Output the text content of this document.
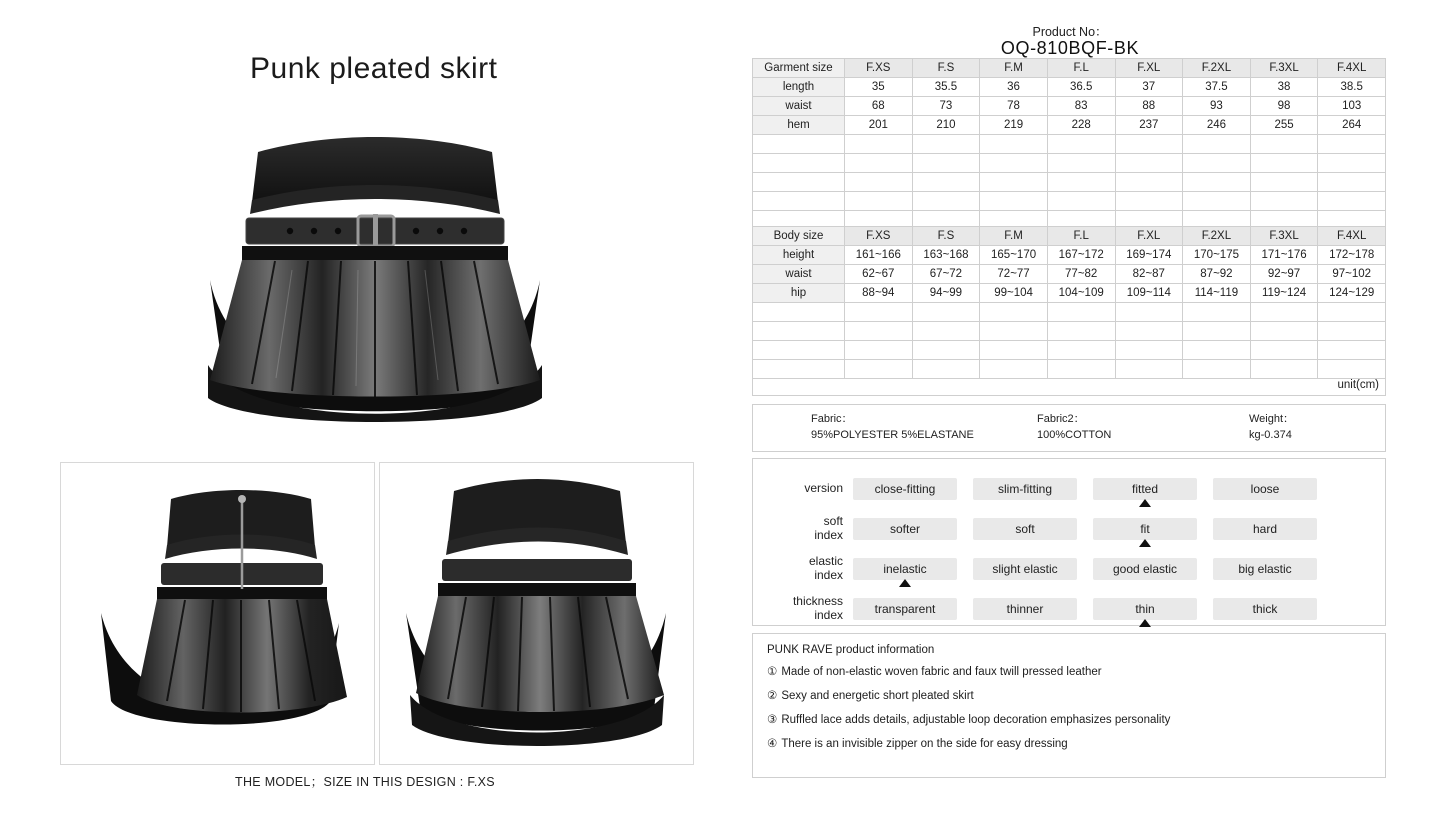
Punk pleated skirt
THE MODEL；SIZE IN THIS DESIGN : F.XS
Product No：
OQ-810BQF-BK
Garment size	F.XS	F.S	F.M	F.L	F.XL	F.2XL	F.3XL	F.4XL
length	35	35.5	36	36.5	37	37.5	38	38.5
waist	68	73	78	83	88	93	98	103
hem	201	210	219	228	237	246	255	264

Body size	F.XS	F.S	F.M	F.L	F.XL	F.2XL	F.3XL	F.4XL
height	161~166	163~168	165~170	167~172	169~174	170~175	171~176	172~178
waist	62~67	67~72	72~77	77~82	82~87	87~92	92~97	97~102
hip	88~94	94~99	99~104	104~109	109~114	114~119	119~124	124~129

unit(cm)
Fabric：
95%POLYESTER 5%ELASTANE
Fabric2：
100%COTTON
Weight：
kg-0.374
version	close-fitting	slim-fitting	fitted	loose
soft
index	softer	soft	fit	hard
elastic
index	inelastic	slight elastic	good elastic	big elastic
thickness
index	transparent	thinner	thin	thick
PUNK RAVE product information
① Made of non-elastic woven fabric and faux twill pressed leather
② Sexy and energetic short pleated skirt
③ Ruffled lace adds details, adjustable loop decoration emphasizes personality
④ There is an invisible zipper on the side for easy dressing
